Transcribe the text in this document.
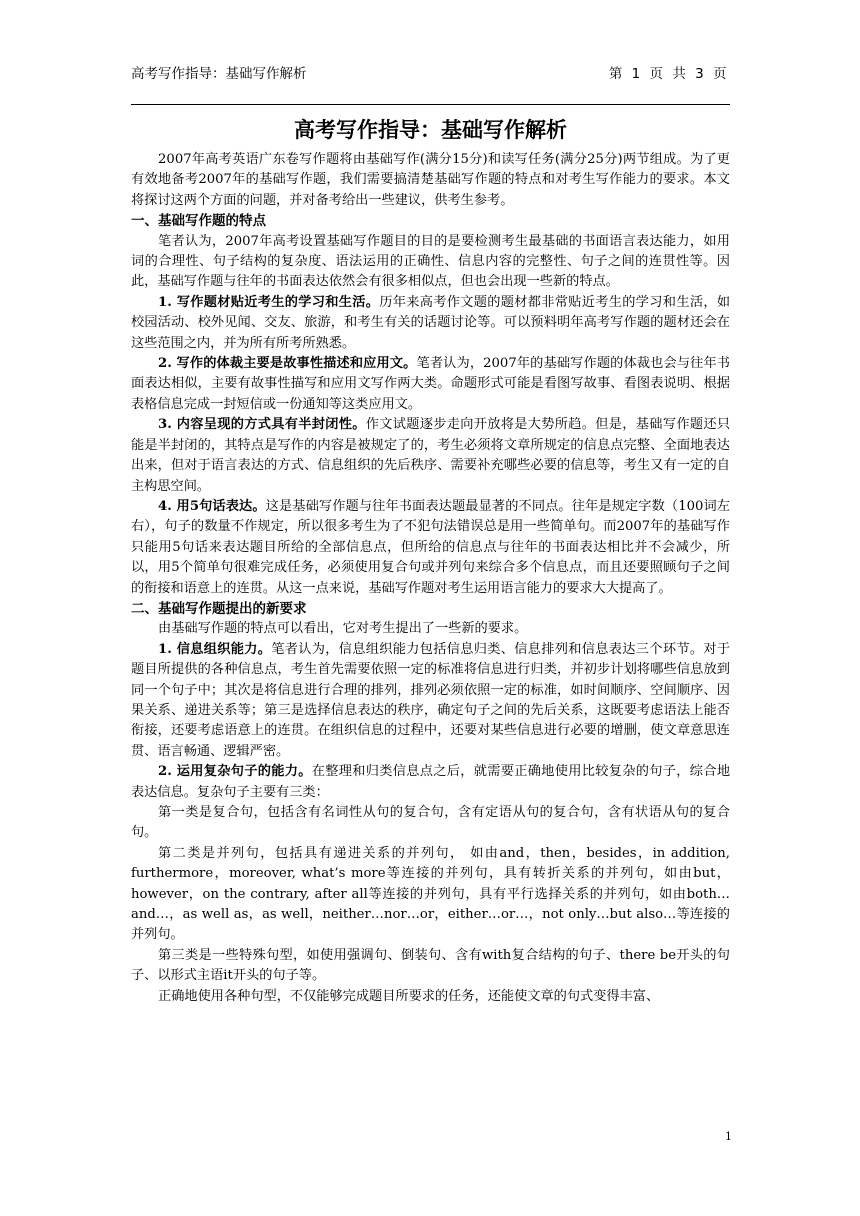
高考写作指导：基础写作解析	第 1 页 共 3 页
高考写作指导：基础写作解析

2007年高考英语广东卷写作题将由基础写作(满分15分)和读写任务(满分25分)两节组成。为了更有效地备考2007年的基础写作题，我们需要搞清楚基础写作题的特点和对考生写作能力的要求。本文将探讨这两个方面的问题，并对备考给出一些建议，供考生参考。

一、基础写作题的特点

笔者认为，2007年高考设置基础写作题目的目的是要检测考生最基础的书面语言表达能力，如用词的合理性、句子结构的复杂度、语法运用的正确性、信息内容的完整性、句子之间的连贯性等。因此，基础写作题与往年的书面表达依然会有很多相似点，但也会出现一些新的特点。

1. 写作题材贴近考生的学习和生活。历年来高考作文题的题材都非常贴近考生的学习和生活，如校园活动、校外见闻、交友、旅游，和考生有关的话题讨论等。可以预料明年高考写作题的题材还会在这些范围之内，并为所有所考所熟悉。

2. 写作的体裁主要是故事性描述和应用文。笔者认为，2007年的基础写作题的体裁也会与往年书面表达相似，主要有故事性描写和应用文写作两大类。命题形式可能是看图写故事、看图表说明、根据表格信息完成一封短信或一份通知等这类应用文。

3. 内容呈现的方式具有半封闭性。作文试题逐步走向开放将是大势所趋。但是，基础写作题还只能是半封闭的，其特点是写作的内容是被规定了的，考生必须将文章所规定的信息点完整、全面地表达出来，但对于语言表达的方式、信息组织的先后秩序、需要补充哪些必要的信息等，考生又有一定的自主构思空间。

4. 用5句话表达。这是基础写作题与往年书面表达题最显著的不同点。往年是规定字数（100词左右），句子的数量不作规定，所以很多考生为了不犯句法错误总是用一些简单句。而2007年的基础写作只能用5句话来表达题目所给的全部信息点，但所给的信息点与往年的书面表达相比并不会减少，所以，用5个简单句很难完成任务，必须使用复合句或并列句来综合多个信息点，而且还要照顾句子之间的衔接和语意上的连贯。从这一点来说，基础写作题对考生运用语言能力的要求大大提高了。

二、基础写作题提出的新要求

由基础写作题的特点可以看出，它对考生提出了一些新的要求。

1. 信息组织能力。笔者认为，信息组织能力包括信息归类、信息排列和信息表达三个环节。对于题目所提供的各种信息点，考生首先需要依照一定的标准将信息进行归类，并初步计划将哪些信息放到同一个句子中；其次是将信息进行合理的排列，排列必须依照一定的标准，如时间顺序、空间顺序、因果关系、递进关系等；第三是选择信息表达的秩序，确定句子之间的先后关系，这既要考虑语法上能否衔接，还要考虑语意上的连贯。在组织信息的过程中，还要对某些信息进行必要的增删，使文章意思连贯、语言畅通、逻辑严密。

2. 运用复杂句子的能力。在整理和归类信息点之后，就需要正确地使用比较复杂的句子，综合地表达信息。复杂句子主要有三类：

第一类是复合句，包括含有名词性从句的复合句，含有定语从句的复合句，含有状语从句的复合句。

第二类是并列句，包括具有递进关系的并列句， 如由and，then，besides，in addition, furthermore，moreover, what’s more等连接的并列句，具有转折关系的并列句，如由but，however，on the contrary, after all等连接的并列句，具有平行选择关系的并列句，如由both…and…，as well as，as well，neither…nor…or，either…or…，not only…but also…等连接的并列句。

第三类是一些特殊句型，如使用强调句、倒装句、含有with复合结构的句子、there be开头的句子、以形式主语it开头的句子等。

正确地使用各种句型，不仅能够完成题目所要求的任务，还能使文章的句式变得丰富、

1
